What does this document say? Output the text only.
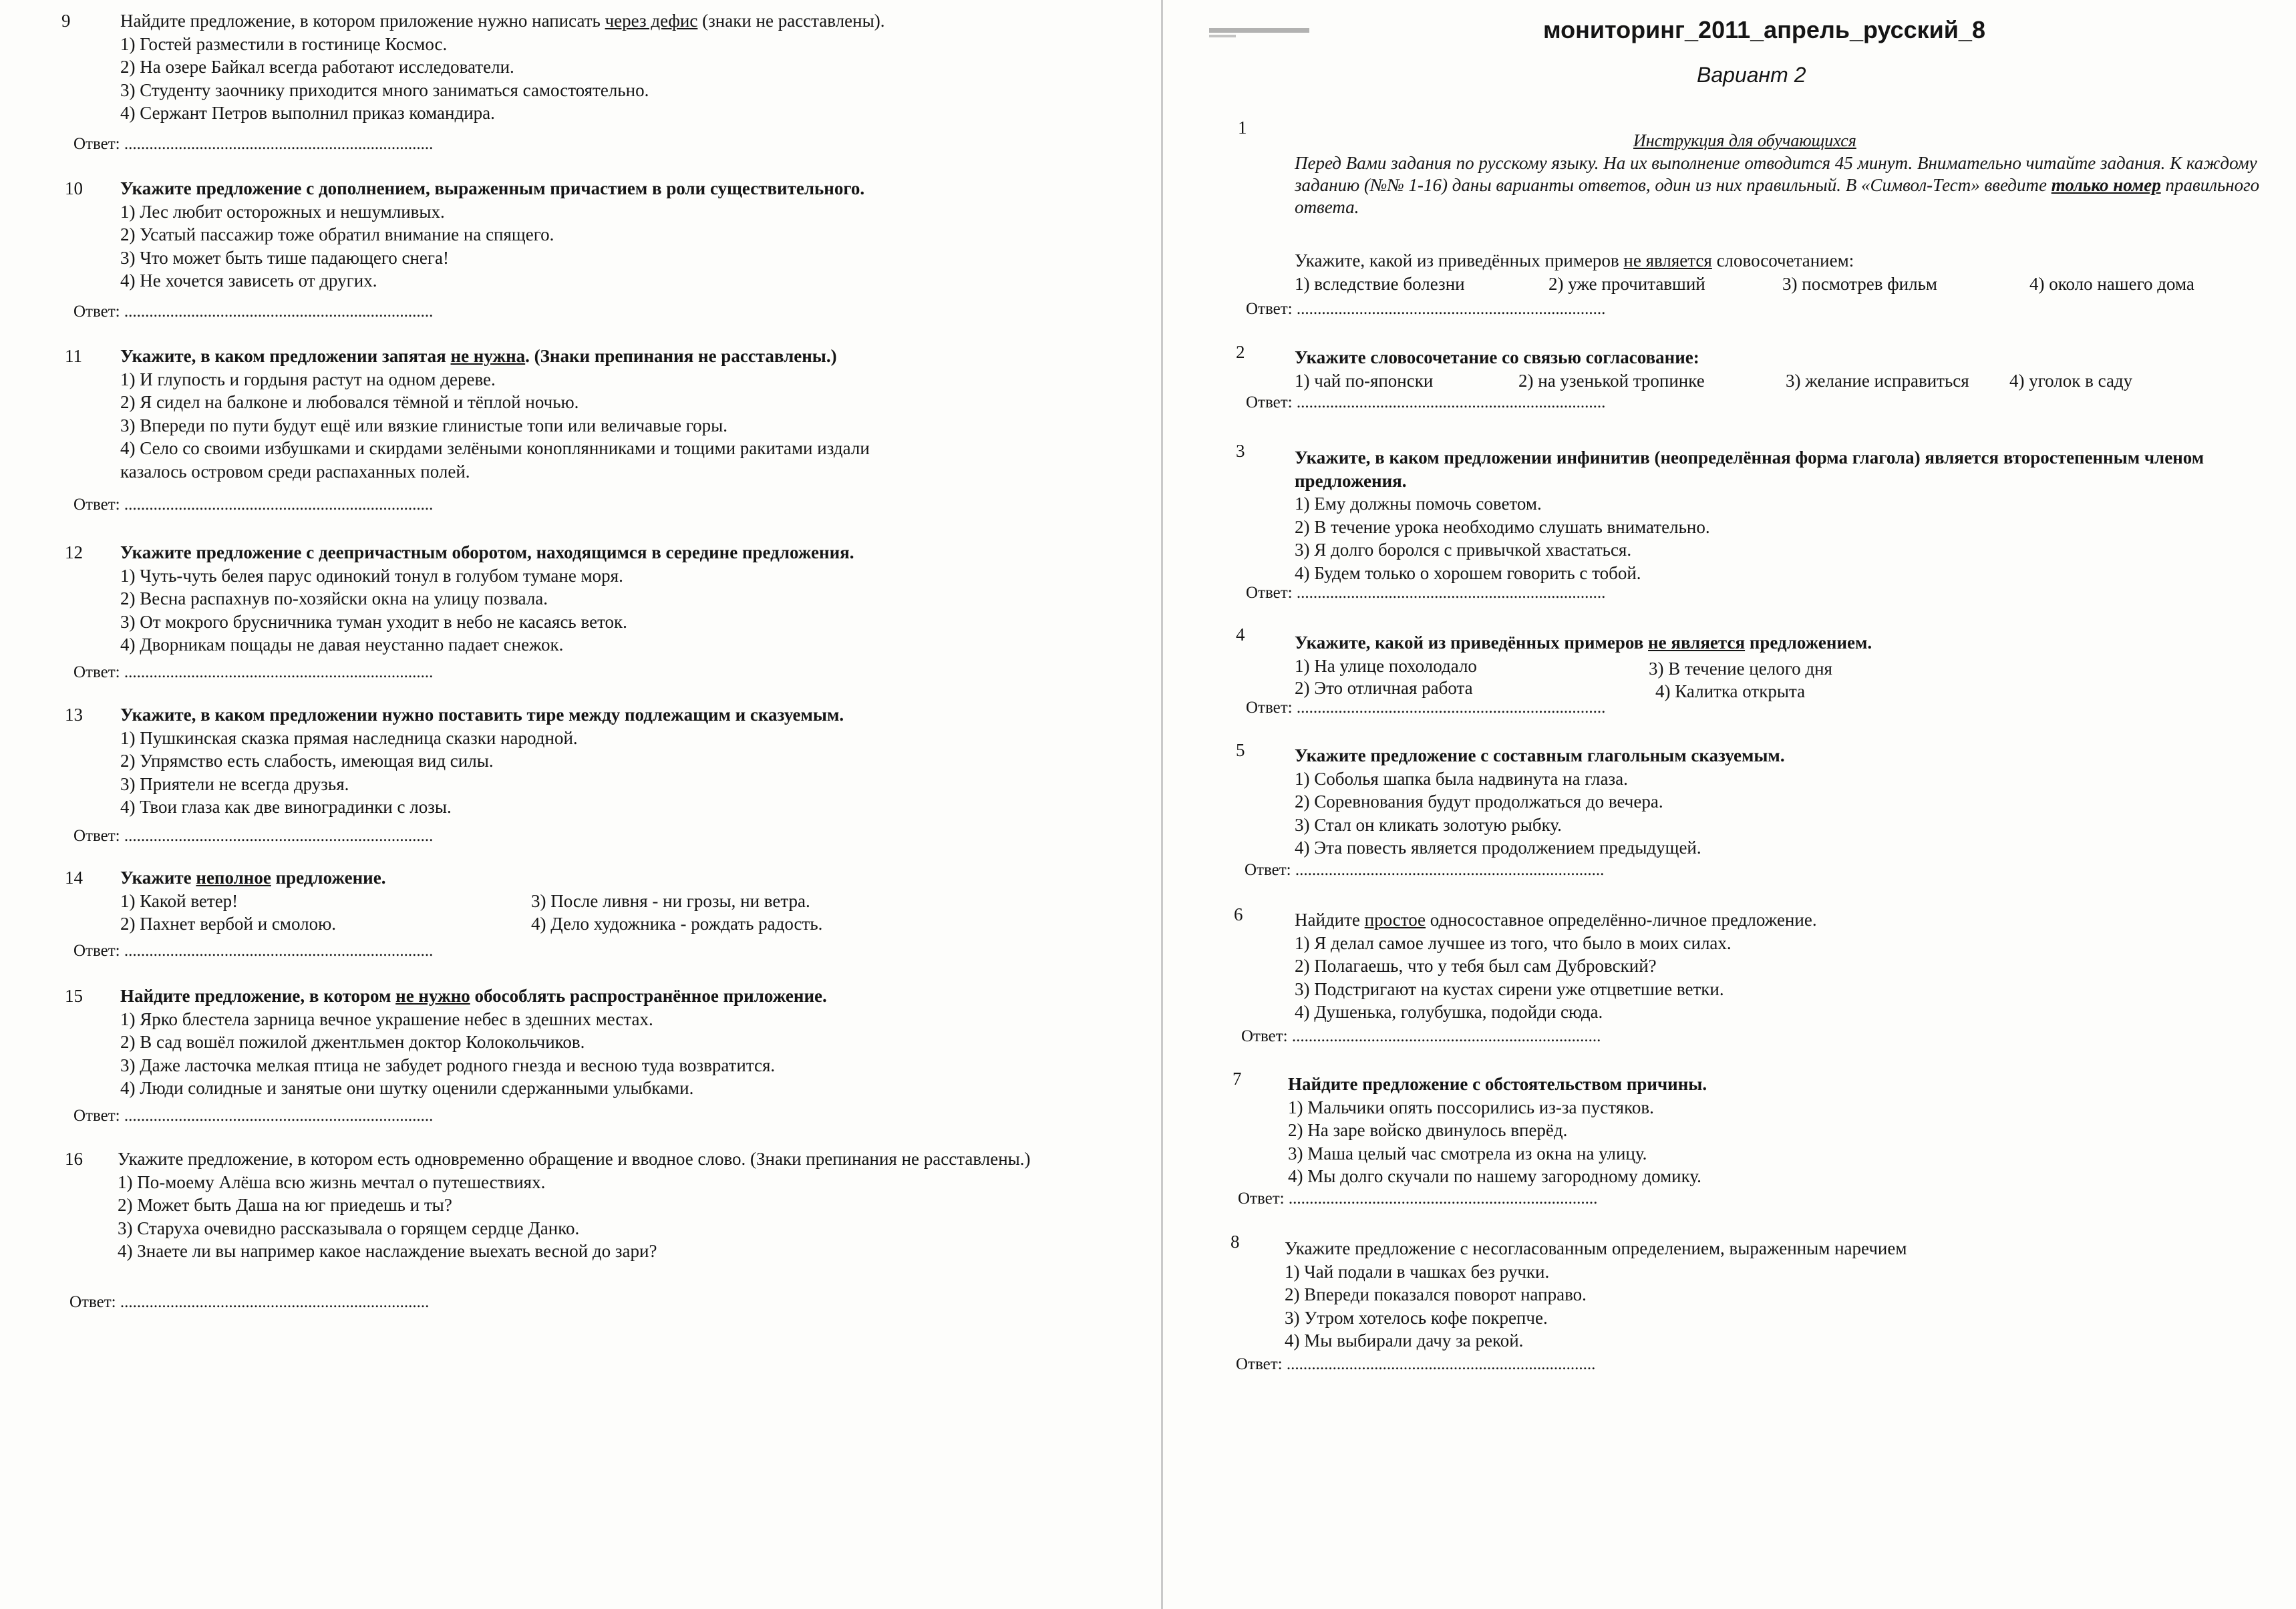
9	Найдите предложение, в котором приложение нужно написать через дефис (знаки не расставлены).
1) Гостей разместили в гостинице Космос.
2) На озере Байкал всегда работают исследователи.
3) Студенту заочнику приходится много заниматься самостоятельно.
4) Сержант Петров выполнил приказ командира.
Ответ: ..........................................................................
10	Укажите предложение с дополнением, выраженным причастием в роли существительного.
1) Лес любит осторожных и нешумливых.
2) Усатый пассажир тоже обратил внимание на спящего.
3) Что может быть тише падающего снега!
4) Не хочется зависеть от других.
Ответ: ..........................................................................
11	Укажите, в каком предложении запятая не нужна. (Знаки препинания не расставлены.)
1) И глупость и гордыня растут на одном дереве.
2) Я сидел на балконе и любовался тёмной и тёплой ночью.
3) Впереди по пути будут ещё или вязкие глинистые топи или величавые горы.
4) Село со своими избушками и скирдами зелёными коноплянниками и тощими ракитами издали
казалось островом среди распаханных полей.
Ответ: ..........................................................................
12	Укажите предложение с деепричастным оборотом, находящимся в середине предложения.
1) Чуть-чуть белея парус одинокий тонул в голубом тумане моря.
2) Весна распахнув по-хозяйски окна на улицу позвала.
3) От мокрого брусничника туман уходит в небо не касаясь веток.
4) Дворникам пощады не давая неустанно падает снежок.
Ответ: ..........................................................................
13	Укажите, в каком предложении нужно поставить тире между подлежащим и сказуемым.
1) Пушкинская сказка прямая наследница сказки народной.
2) Упрямство есть слабость, имеющая вид силы.
3) Приятели не всегда друзья.
4) Твои глаза как две виноградинки с лозы.
Ответ: ..........................................................................
14	Укажите неполное предложение.
1) Какой ветер!
2) Пахнет вербой и смолою.
3) После ливня - ни грозы, ни ветра.
4) Дело художника - рождать радость.
Ответ: ..........................................................................
15	Найдите предложение, в котором не нужно обособлять распространённое приложение.
1) Ярко блестела зарница вечное украшение небес в здешних местах.
2) В сад вошёл пожилой джентльмен доктор Колокольчиков.
3) Даже ласточка мелкая птица не забудет родного гнезда и весною туда возвратится.
4) Люди солидные и занятые они шутку оценили сдержанными улыбками.
Ответ: ..........................................................................
16	Укажите предложение, в котором есть одновременно обращение и вводное слово. (Знаки препинания не расставлены.)
1) По-моему Алёша всю жизнь мечтал о путешествиях.
2) Может быть Даша на юг приедешь и ты?
3) Старуха очевидно рассказывала о горящем сердце Данко.
4) Знаете ли вы например какое наслаждение выехать весной до зари?
Ответ: ..........................................................................
мониторинг_2011_апрель_русский_8
Вариант 2
1
Инструкция для обучающихся
Перед Вами задания по русскому языку. На их выполнение отводится 45 минут. Внимательно читайте задания. К каждому заданию (№№ 1-16) даны варианты ответов, один из них правильный. В «Символ-Тест» введите только номер правильного ответа.
Укажите, какой из приведённых примеров не является словосочетанием:
1) вследствие болезни	2) уже прочитавший	3) посмотрев фильм	4) около нашего дома
Ответ: ..........................................................................
2	Укажите словосочетание со связью согласование:
1) чай по-японски	2) на узенькой тропинке	3) желание исправиться 4) уголок в саду
Ответ: ..........................................................................
3	Укажите, в каком предложении инфинитив (неопределённая форма глагола) является второстепенным членом предложения.
1) Ему должны помочь советом.
2) В течение урока необходимо слушать внимательно.
3) Я долго боролся с привычкой хвастаться.
4) Будем только о хорошем говорить с тобой.
Ответ: ..........................................................................
4	Укажите, какой из приведённых примеров не является предложением.
1) На улице похолодало
2) Это отличная работа
3) В течение целого дня
4) Калитка открыта
Ответ: ..........................................................................
5	Укажите предложение с составным глагольным сказуемым.
1) Соболья шапка была надвинута на глаза.
2) Соревнования будут продолжаться до вечера.
3) Стал он кликать золотую рыбку.
4) Эта повесть является продолжением предыдущей.
Ответ: ..........................................................................
6	Найдите простое односоставное определённо-личное предложение.
1) Я делал самое лучшее из того, что было в моих силах.
2) Полагаешь, что у тебя был сам Дубровский?
3) Подстригают на кустах сирени уже отцветшие ветки.
4) Душенька, голубушка, подойди сюда.
Ответ: ..........................................................................
7	Найдите предложение с обстоятельством причины.
1) Мальчики опять поссорились из-за пустяков.
2) На заре войско двинулось вперёд.
3) Маша целый час смотрела из окна на улицу.
4) Мы долго скучали по нашему загородному домику.
Ответ: ..........................................................................
8	Укажите предложение с несогласованным определением, выраженным наречием
1) Чай подали в чашках без ручки.
2) Впереди показался поворот направо.
3) Утром хотелось кофе покрепче.
4) Мы выбирали дачу за рекой.
Ответ: ..........................................................................
